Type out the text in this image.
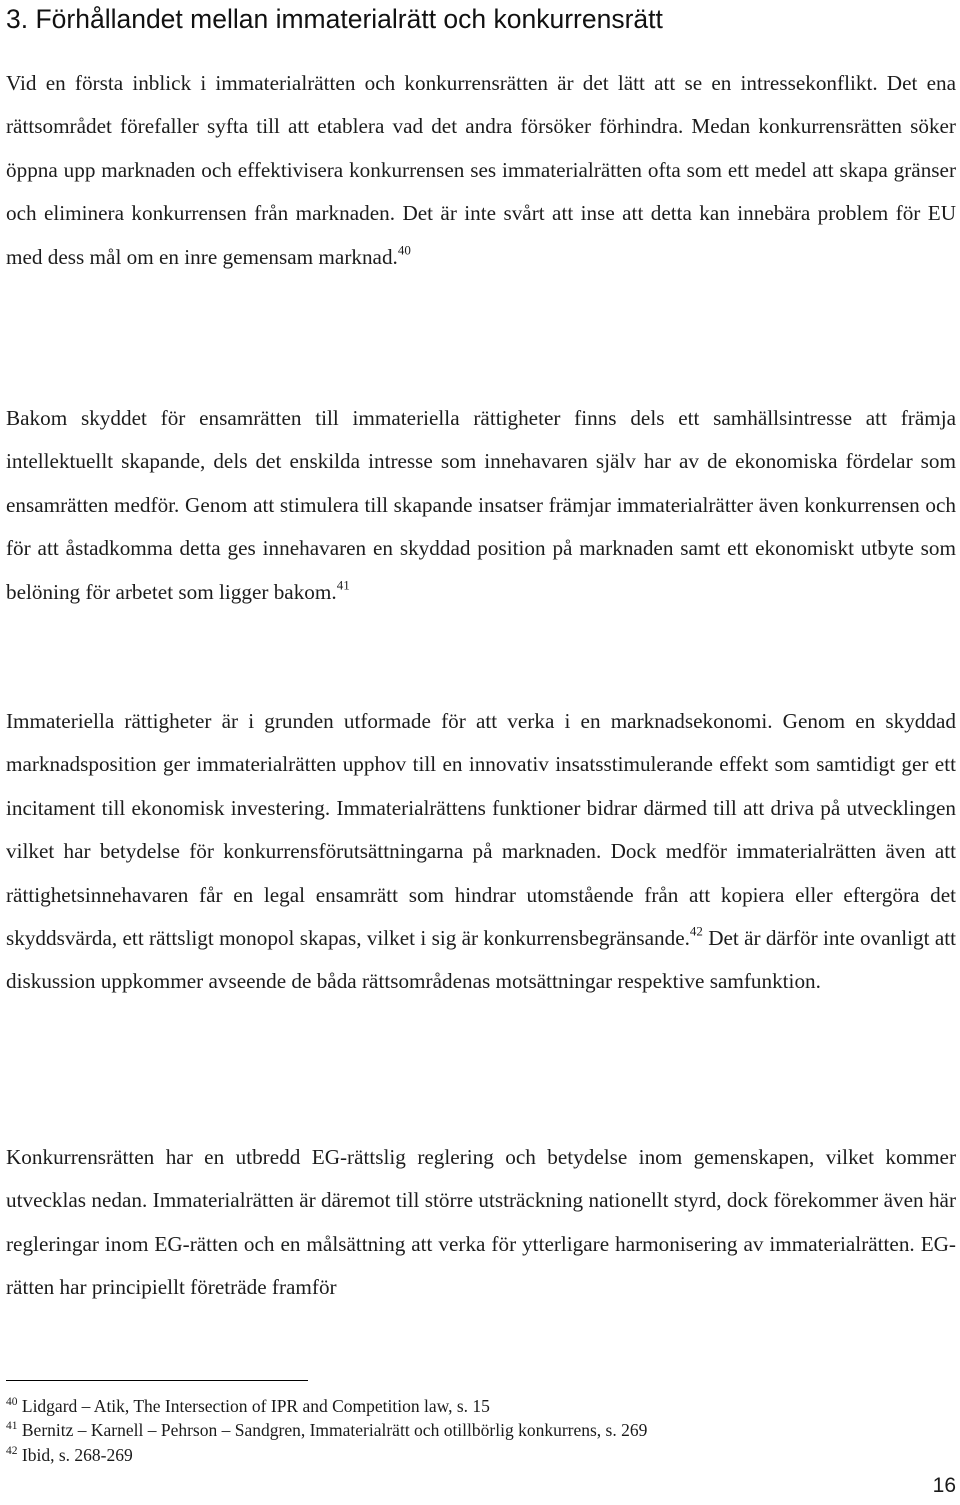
3. Förhållandet mellan immaterialrätt och konkurrensrätt

Vid en första inblick i immaterialrätten och konkurrensrätten är det lätt att se en intressekonflikt. Det ena rättsområdet förefaller syfta till att etablera vad det andra försöker förhindra. Medan konkurrensrätten söker öppna upp marknaden och effektivisera konkurrensen ses immaterialrätten ofta som ett medel att skapa gränser och eliminera konkurrensen från marknaden. Det är inte svårt att inse att detta kan innebära problem för EU med dess mål om en inre gemensam marknad.$^{40}$

Bakom skyddet för ensamrätten till immateriella rättigheter finns dels ett samhällsintresse att främja intellektuellt skapande, dels det enskilda intresse som innehavaren själv har av de ekonomiska fördelar som ensamrätten medför. Genom att stimulera till skapande insatser främjar immaterialrätter även konkurrensen och för att åstadkomma detta ges innehavaren en skyddad position på marknaden samt ett ekonomiskt utbyte som belöning för arbetet som ligger bakom.$^{41}$

Immateriella rättigheter är i grunden utformade för att verka i en marknadsekonomi. Genom en skyddad marknadsposition ger immaterialrätten upphov till en innovativ insatsstimulerande effekt som samtidigt ger ett incitament till ekonomisk investering. Immaterialrättens funktioner bidrar därmed till att driva på utvecklingen vilket har betydelse för konkurrensförutsättningarna på marknaden. Dock medför immaterialrätten även att rättighetsinnehavaren får en legal ensamrätt som hindrar utomstående från att kopiera eller eftergöra det skyddsvärda, ett rättsligt monopol skapas, vilket i sig är konkurrensbegränsande.$^{42}$ Det är därför inte ovanligt att diskussion uppkommer avseende de båda rättsområdenas motsättningar respektive samfunktion.

Konkurrensrätten har en utbredd EG-rättslig reglering och betydelse inom gemenskapen, vilket kommer utvecklas nedan. Immaterialrätten är däremot till större utsträckning nationellt styrd, dock förekommer även här regleringar inom EG-rätten och en målsättning att verka för ytterligare harmonisering av immaterialrätten. EG-rätten har principiellt företräde framför

$^{40}$ Lidgard – Atik, The Intersection of IPR and Competition law, s. 15
$^{41}$ Bernitz – Karnell – Pehrson – Sandgren, Immaterialrätt och otillbörlig konkurrens, s. 269
$^{42}$ Ibid, s. 268-269
16
